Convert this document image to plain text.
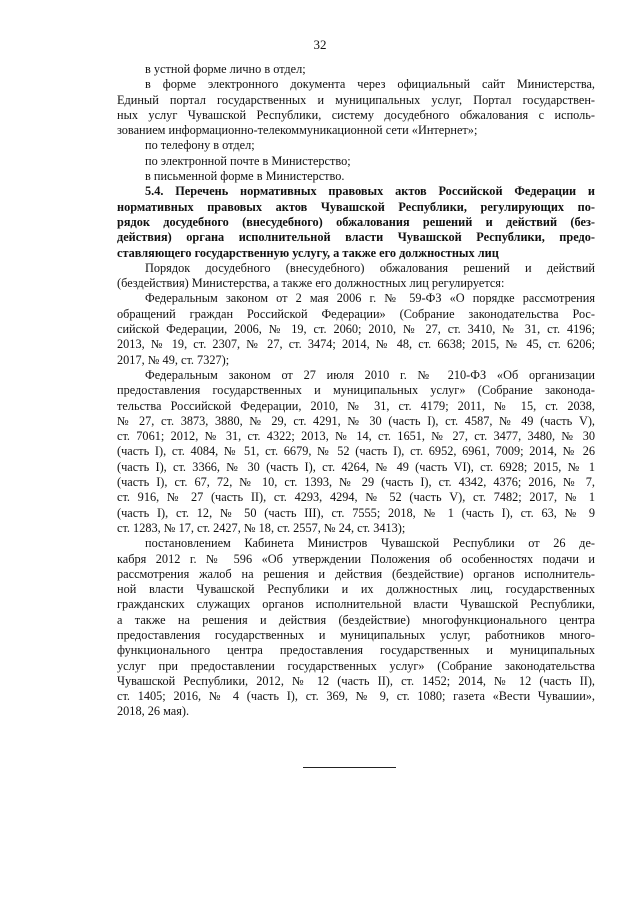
32

в устной форме лично в отдел;

в форме электронного документа через официальный сайт Министерства,

Единый портал государственных и муниципальных услуг, Портал государствен-

ных услуг Чувашской Республики, систему досудебного обжалования с исполь-

зованием информационно-телекоммуникационной сети «Интернет»;

по телефону в отдел;

по электронной почте в Министерство;

в письменной форме в Министерство.

5.4. Перечень нормативных правовых актов Российской Федерации и

нормативных правовых актов Чувашской Республики, регулирующих по-

рядок досудебного (внесудебного) обжалования решений и действий (без-

действия) органа исполнительной власти Чувашской Республики, предо-

ставляющего государственную услугу, а также его должностных лиц

Порядок досудебного (внесудебного) обжалования решений и действий

(бездействия) Министерства, а также его должностных лиц регулируется:

Федеральным законом от 2 мая 2006 г. № 59-ФЗ «О порядке рассмотрения

обращений граждан Российской Федерации» (Собрание законодательства Рос-

сийской Федерации, 2006, № 19, ст. 2060; 2010, № 27, ст. 3410, № 31, ст. 4196;

2013, № 19, ст. 2307, № 27, ст. 3474; 2014, № 48, ст. 6638; 2015, № 45, ст. 6206;

2017, № 49, ст. 7327);

Федеральным законом от 27 июля 2010 г. № 210-ФЗ «Об организации

предоставления государственных и муниципальных услуг» (Собрание законода-

тельства Российской Федерации, 2010, № 31, ст. 4179; 2011, № 15, ст. 2038,

№ 27, ст. 3873, 3880, № 29, ст. 4291, № 30 (часть I), ст. 4587, № 49 (часть V),

ст. 7061; 2012, № 31, ст. 4322; 2013, № 14, ст. 1651, № 27, ст. 3477, 3480, № 30

(часть I), ст. 4084, № 51, ст. 6679, № 52 (часть I), ст. 6952, 6961, 7009; 2014, № 26

(часть I), ст. 3366, № 30 (часть I), ст. 4264, № 49 (часть VI), ст. 6928; 2015, № 1

(часть I), ст. 67, 72, № 10, ст. 1393, № 29 (часть I), ст. 4342, 4376; 2016, № 7,

ст. 916, № 27 (часть II), ст. 4293, 4294, № 52 (часть V), ст. 7482; 2017, № 1

(часть I), ст. 12, № 50 (часть III), ст. 7555; 2018, № 1 (часть I), ст. 63, № 9

ст. 1283, № 17, ст. 2427, № 18, ст. 2557, № 24, ст. 3413);

постановлением Кабинета Министров Чувашской Республики от 26 де-

кабря 2012 г. № 596 «Об утверждении Положения об особенностях подачи и

рассмотрения жалоб на решения и действия (бездействие) органов исполнитель-

ной власти Чувашской Республики и их должностных лиц, государственных

гражданских служащих органов исполнительной власти Чувашской Республики,

а также на решения и действия (бездействие) многофункционального центра

предоставления государственных и муниципальных услуг, работников много-

функционального центра предоставления государственных и муниципальных

услуг при предоставлении государственных услуг» (Собрание законодательства

Чувашской Республики, 2012, № 12 (часть II), ст. 1452; 2014, № 12 (часть II),

ст. 1405; 2016, № 4 (часть I), ст. 369, № 9, ст. 1080; газета «Вести Чувашии»,

2018, 26 мая).
